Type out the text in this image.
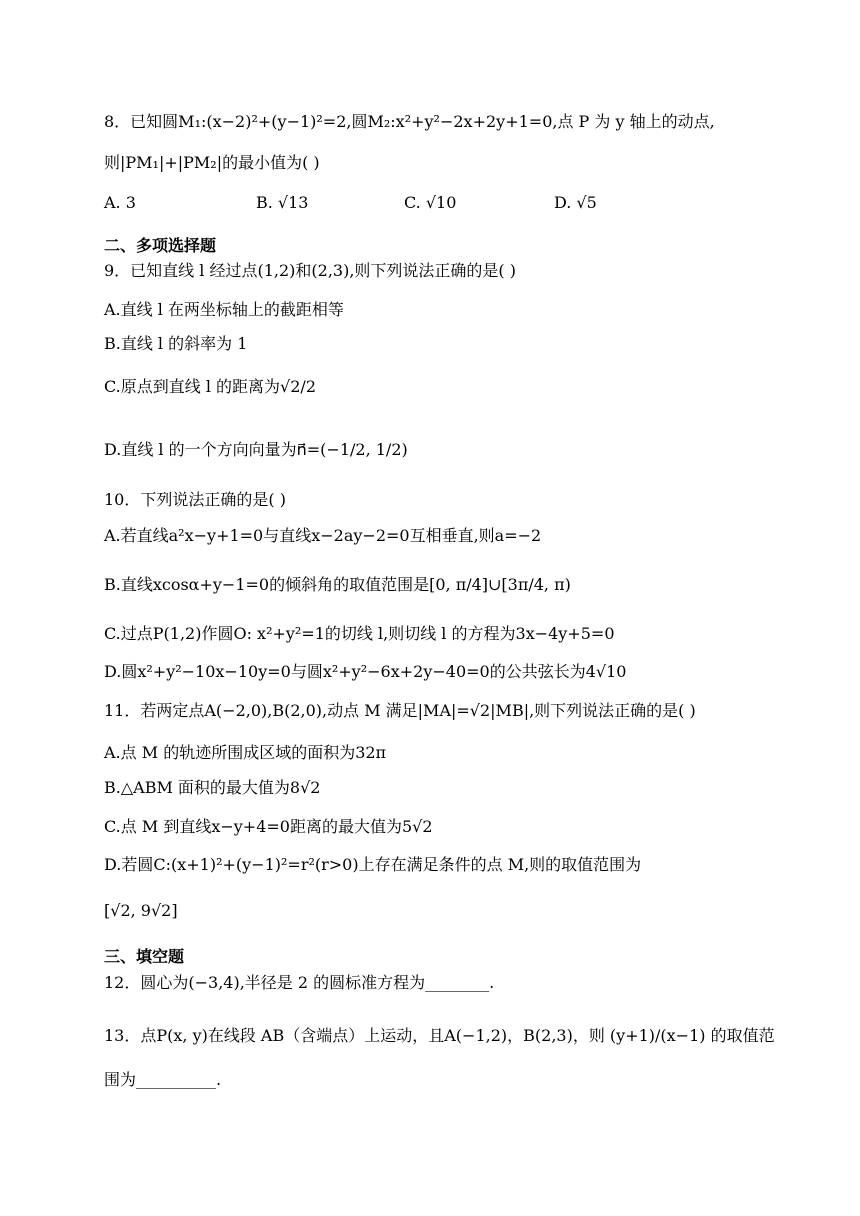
8．已知圆M₁:(x−2)²+(y−1)²=2,圆M₂:x²+y²−2x+2y+1=0,点 P 为 y 轴上的动点,
则|PM₁|+|PM₂|的最小值为( )
A. 3	B. √13	C. √10	D. √5
二、多项选择题
9．已知直线 l 经过点(1,2)和(2,3),则下列说法正确的是( )
A.直线 l 在两坐标轴上的截距相等
B.直线 l 的斜率为 1
C.原点到直线 l 的距离为√2/2
D.直线 l 的一个方向向量为n⃗=(−1/2, 1/2)
10．下列说法正确的是( )
A.若直线a²x−y+1=0与直线x−2ay−2=0互相垂直,则a=−2
B.直线xcosα+y−1=0的倾斜角的取值范围是[0, π/4]∪[3π/4, π)
C.过点P(1,2)作圆O: x²+y²=1的切线 l,则切线 l 的方程为3x−4y+5=0
D.圆x²+y²−10x−10y=0与圆x²+y²−6x+2y−40=0的公共弦长为4√10
11．若两定点A(−2,0),B(2,0),动点 M 满足|MA|=√2|MB|,则下列说法正确的是( )
A.点 M 的轨迹所围成区域的面积为32π
B.△ABM 面积的最大值为8√2
C.点 M 到直线x−y+4=0距离的最大值为5√2
D.若圆C:(x+1)²+(y−1)²=r²(r>0)上存在满足条件的点 M,则的取值范围为
[√2, 9√2]
三、填空题
12．圆心为(−3,4),半径是 2 的圆标准方程为________.
13．点P(x, y)在线段 AB（含端点）上运动，且A(−1,2)，B(2,3)，则 (y+1)/(x−1) 的取值范
围为__________.
